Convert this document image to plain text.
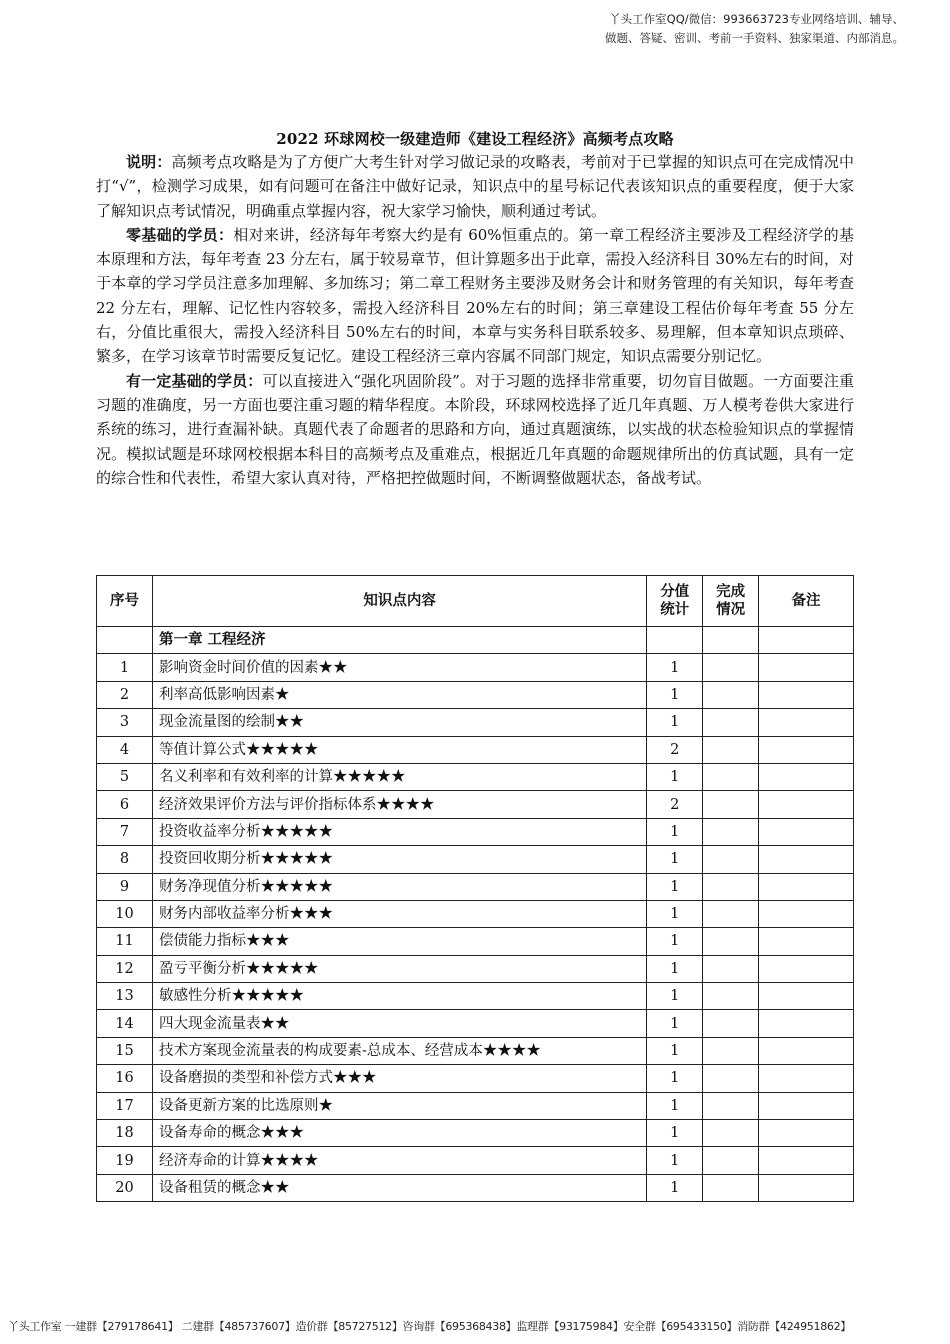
丫头工作室QQ/微信：993663723专业网络培训、辅导、
做题、答疑、密训、考前一手资料、独家渠道、内部消息。
2022 环球网校一级建造师《建设工程经济》高频考点攻略

说明：高频考点攻略是为了方便广大考生针对学习做记录的攻略表，考前对于已掌握的知识点可在完成情况中打“√”，检测学习成果，如有问题可在备注中做好记录，知识点中的星号标记代表该知识点的重要程度，便于大家了解知识点考试情况，明确重点掌握内容，祝大家学习愉快，顺利通过考试。

零基础的学员：相对来讲，经济每年考察大约是有 60%恒重点的。第一章工程经济主要涉及工程经济学的基本原理和方法，每年考查 23 分左右，属于较易章节，但计算题多出于此章，需投入经济科目 30%左右的时间，对于本章的学习学员注意多加理解、多加练习；第二章工程财务主要涉及财务会计和财务管理的有关知识，每年考查 22 分左右，理解、记忆性内容较多，需投入经济科目 20%左右的时间；第三章建设工程估价每年考查 55 分左右，分值比重很大，需投入经济科目 50%左右的时间，本章与实务科目联系较多、易理解，但本章知识点琐碎、繁多，在学习该章节时需要反复记忆。建设工程经济三章内容属不同部门规定，知识点需要分别记忆。

有一定基础的学员：可以直接进入“强化巩固阶段”。对于习题的选择非常重要，切勿盲目做题。一方面要注重习题的准确度，另一方面也要注重习题的精华程度。本阶段，环球网校选择了近几年真题、万人模考卷供大家进行系统的练习，进行查漏补缺。真题代表了命题者的思路和方向，通过真题演练，以实战的状态检验知识点的掌握情况。模拟试题是环球网校根据本科目的高频考点及重难点，根据近几年真题的命题规律所出的仿真试题，具有一定的综合性和代表性，希望大家认真对待，严格把控做题时间，不断调整做题状态，备战考试。

序号	知识点内容	分值统计	完成情况	备注
	第一章 工程经济			
1	影响资金时间价值的因素★★	1		
2	利率高低影响因素★	1		
3	现金流量图的绘制★★	1		
4	等值计算公式★★★★★	2		
5	名义利率和有效利率的计算★★★★★	1		
6	经济效果评价方法与评价指标体系★★★★	2		
7	投资收益率分析★★★★★	1		
8	投资回收期分析★★★★★	1		
9	财务净现值分析★★★★★	1		
10	财务内部收益率分析★★★	1		
11	偿债能力指标★★★	1		
12	盈亏平衡分析★★★★★	1		
13	敏感性分析★★★★★	1		
14	四大现金流量表★★	1		
15	技术方案现金流量表的构成要素-总成本、经营成本★★★★	1		
16	设备磨损的类型和补偿方式★★★	1		
17	设备更新方案的比选原则★	1		
18	设备寿命的概念★★★	1		
19	经济寿命的计算★★★★	1		
20	设备租赁的概念★★	1		
丫头工作室 一建群【279178641】 二建群【485737607】造价群【85727512】咨询群【695368438】监理群【93175984】安全群【695433150】消防群【424951862】
